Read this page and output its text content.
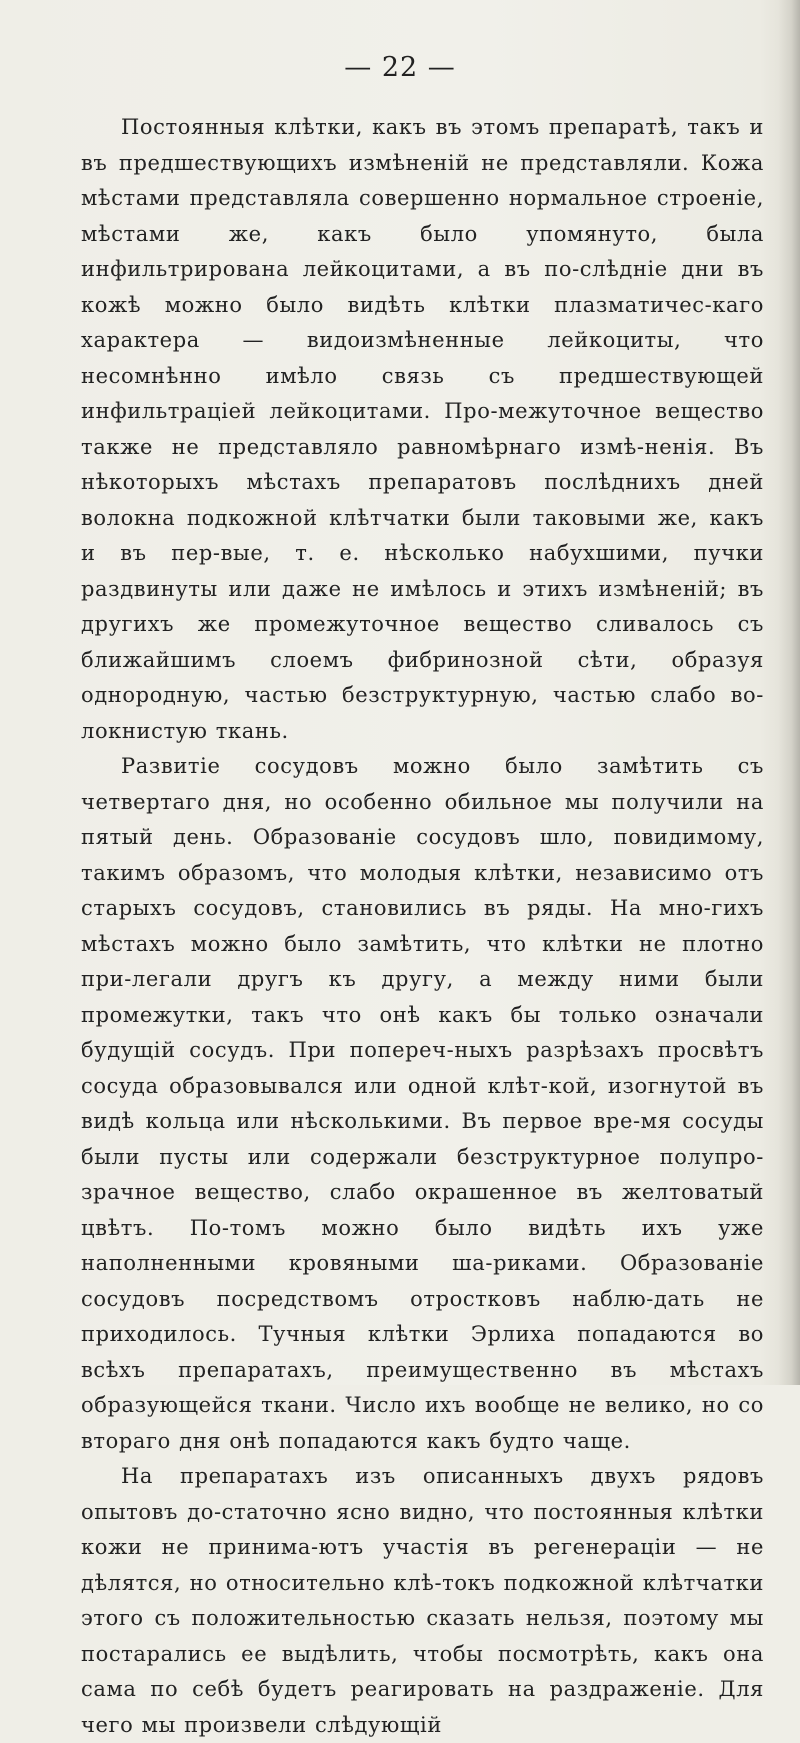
— 22 —

Постоянныя клѣтки, какъ въ этомъ препаратѣ, такъ и въ предшествующихъ измѣненій не представляли. Кожа мѣстами представляла совершенно нормальное строеніе, мѣстами же, какъ было упомянуто, была инфильтрирована лейкоцитами, а въ по-слѣдніе дни въ кожѣ можно было видѣть клѣтки плазматичес-каго характера — видоизмѣненные лейкоциты, что несомнѣнно имѣло связь съ предшествующей инфильтраціей лейкоцитами. Про-межуточное вещество также не представляло равномѣрнаго измѣ-ненія. Въ нѣкоторыхъ мѣстахъ препаратовъ послѣднихъ дней волокна подкожной клѣтчатки были таковыми же, какъ и въ пер-вые, т. е. нѣсколько набухшими, пучки раздвинуты или даже не имѣлось и этихъ измѣненій; въ другихъ же промежуточное вещество сливалось съ ближайшимъ слоемъ фибринозной сѣти, образуя однородную, частью безструктурную, частью слабо во-локнистую ткань.

Развитіе сосудовъ можно было замѣтить съ четвертаго дня, но особенно обильное мы получили на пятый день. Образованіе сосудовъ шло, повидимому, такимъ образомъ, что молодыя клѣтки, независимо отъ старыхъ сосудовъ, становились въ ряды. На мно-гихъ мѣстахъ можно было замѣтить, что клѣтки не плотно при-легали другъ къ другу, а между ними были промежутки, такъ что онѣ какъ бы только означали будущій сосудъ. При попереч-ныхъ разрѣзахъ просвѣтъ сосуда образовывался или одной клѣт-кой, изогнутой въ видѣ кольца или нѣсколькими. Въ первое вре-мя сосуды были пусты или содержали безструктурное полупро-зрачное вещество, слабо окрашенное въ желтоватый цвѣтъ. По-томъ можно было видѣть ихъ уже наполненными кровяными ша-риками. Образованіе сосудовъ посредствомъ отростковъ наблю-дать не приходилось. Тучныя клѣтки Эрлиха попадаются во всѣхъ препаратахъ, преимущественно въ мѣстахъ образующейся ткани. Число ихъ вообще не велико, но со втораго дня онѣ попадаются какъ будто чаще.

На препаратахъ изъ описанныхъ двухъ рядовъ опытовъ до-статочно ясно видно, что постоянныя клѣтки кожи не принима-ютъ участія въ регенераціи — не дѣлятся, но относительно клѣ-токъ подкожной клѣтчатки этого съ положительностью сказать нельзя, поэтому мы постарались ее выдѣлить, чтобы посмотрѣть, какъ она сама по себѣ будетъ реагировать на раздраженіе. Для чего мы произвели слѣдующій
